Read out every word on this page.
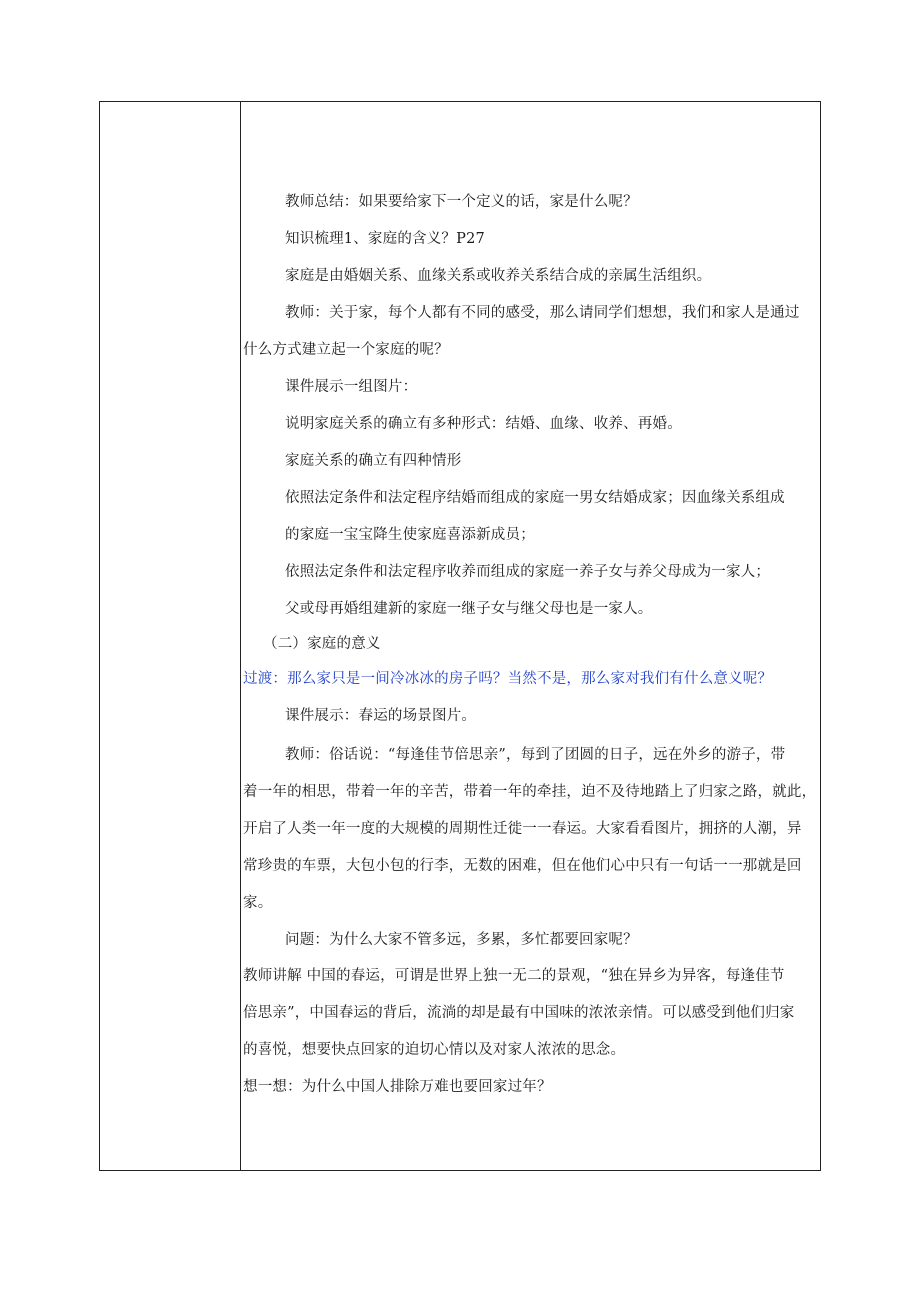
教师总结：如果要给家下一个定义的话，家是什么呢？
知识梳理1、家庭的含义？P27
家庭是由婚姻关系、血缘关系或收养关系结合成的亲属生活组织。
教师：关于家，每个人都有不同的感受，那么请同学们想想，我们和家人是通过
什么方式建立起一个家庭的呢？
课件展示一组图片：
说明家庭关系的确立有多种形式：结婚、血缘、收养、再婚。
家庭关系的确立有四种情形
依照法定条件和法定程序结婚而组成的家庭一男女结婚成家；因血缘关系组成
的家庭一宝宝降生使家庭喜添新成员；
依照法定条件和法定程序收养而组成的家庭一养子女与养父母成为一家人；
父或母再婚组建新的家庭一继子女与继父母也是一家人。
（二）家庭的意义
过渡：那么家只是一间冷冰冰的房子吗？当然不是，那么家对我们有什么意义呢？
课件展示：春运的场景图片。
教师：俗话说：“每逢佳节倍思亲”，每到了团圆的日子，远在外乡的游子，带
着一年的相思，带着一年的辛苦，带着一年的牵挂，迫不及待地踏上了归家之路，就此，
开启了人类一年一度的大规模的周期性迁徙一一春运。大家看看图片，拥挤的人潮，异
常珍贵的车票，大包小包的行李，无数的困难，但在他们心中只有一句话一一那就是回
家。
问题：为什么大家不管多远，多累，多忙都要回家呢？
教师讲解 中国的春运，可谓是世界上独一无二的景观，“独在异乡为异客，每逢佳节
倍思亲”，中国春运的背后，流淌的却是最有中国味的浓浓亲情。可以感受到他们归家
的喜悦，想要快点回家的迫切心情以及对家人浓浓的思念。
想一想：为什么中国人排除万难也要回家过年？
